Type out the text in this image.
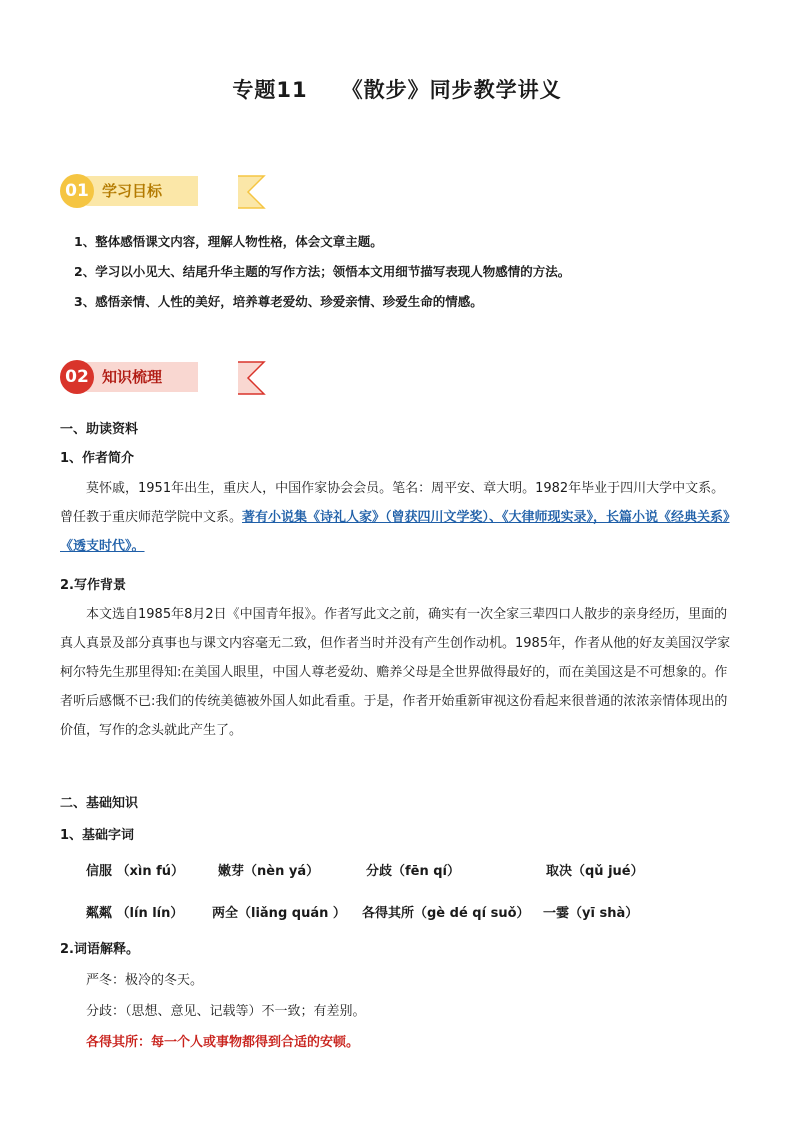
专题11 《散步》同步教学讲义
学习目标
01
1、整体感悟课文内容，理解人物性格，体会文章主题。
2、学习以小见大、结尾升华主题的写作方法；领悟本文用细节描写表现人物感情的方法。
3、感悟亲情、人性的美好，培养尊老爱幼、珍爱亲情、珍爱生命的情感。
知识梳理
02
一、助读资料
1、作者简介
莫怀戚，1951年出生，重庆人，中国作家协会会员。笔名：周平安、章大明。1982年毕业于四川大学中文系。曾任教于重庆师范学院中文系。著有小说集《诗礼人家》（曾获四川文学奖）、《大律师现实录》，长篇小说《经典关系》《透支时代》。
2.写作背景
本文选自1985年8月2日《中国青年报》。作者写此文之前，确实有一次全家三辈四口人散步的亲身经历，里面的真人真景及部分真事也与课文内容毫无二致，但作者当时并没有产生创作动机。1985年，作者从他的好友美国汉学家柯尔特先生那里得知:在美国人眼里，中国人尊老爱幼、赡养父母是全世界做得最好的，而在美国这是不可想象的。作者听后感慨不已:我们的传统美德被外国人如此看重。于是，作者开始重新审视这份看起来很普通的浓浓亲情体现出的价值，写作的念头就此产生了。
二、基础知识
1、基础字词
信服 （xìn fú）	嫩芽（nèn yá）	分歧（fēn qí）	取决（qǔ jué）
粼粼 （lín lín） 两全（liǎng quán ） 各得其所（gè dé qí suǒ） 一霎（yī shà）
2.词语解释。
严冬：极冷的冬天。
分歧：（思想、意见、记载等）不一致；有差别。
各得其所：每一个人或事物都得到合适的安顿。
